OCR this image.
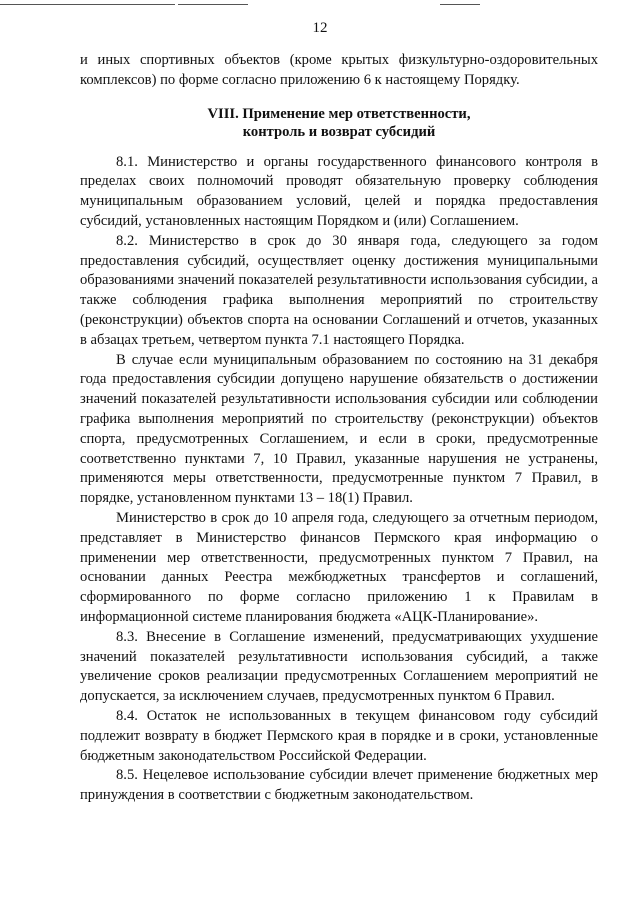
12

и иных спортивных объектов (кроме крытых физкультурно-оздоровительных комплексов) по форме согласно приложению 6 к настоящему Порядку.

VIII. Применение мер ответственности,
контроль и возврат субсидий

8.1. Министерство и органы государственного финансового контроля в пределах своих полномочий проводят обязательную проверку соблюдения муниципальным образованием условий, целей и порядка предоставления субсидий, установленных настоящим Порядком и (или) Соглашением.

8.2. Министерство в срок до 30 января года, следующего за годом предоставления субсидий, осуществляет оценку достижения муниципальными образованиями значений показателей результативности использования субсидии, а также соблюдения графика выполнения мероприятий по строительству (реконструкции) объектов спорта на основании Соглашений и отчетов, указанных в абзацах третьем, четвертом пункта 7.1 настоящего Порядка.

В случае если муниципальным образованием по состоянию на 31 декабря года предоставления субсидии допущено нарушение обязательств о достижении значений показателей результативности использования субсидии или соблюдении графика выполнения мероприятий по строительству (реконструкции) объектов спорта, предусмотренных Соглашением, и если в сроки, предусмотренные соответственно пунктами 7, 10 Правил, указанные нарушения не устранены, применяются меры ответственности, предусмотренные пунктом 7 Правил, в порядке, установленном пунктами 13 – 18(1) Правил.

Министерство в срок до 10 апреля года, следующего за отчетным периодом, представляет в Министерство финансов Пермского края информацию о применении мер ответственности, предусмотренных пунктом 7 Правил, на основании данных Реестра межбюджетных трансфертов и соглашений, сформированного по форме согласно приложению 1 к Правилам в информационной системе планирования бюджета «АЦК-Планирование».

8.3. Внесение в Соглашение изменений, предусматривающих ухудшение значений показателей результативности использования субсидий, а также увеличение сроков реализации предусмотренных Соглашением мероприятий не допускается, за исключением случаев, предусмотренных пунктом 6 Правил.

8.4. Остаток не использованных в текущем финансовом году субсидий подлежит возврату в бюджет Пермского края в порядке и в сроки, установленные бюджетным законодательством Российской Федерации.

8.5. Нецелевое использование субсидии влечет применение бюджетных мер принуждения в соответствии с бюджетным законодательством.
